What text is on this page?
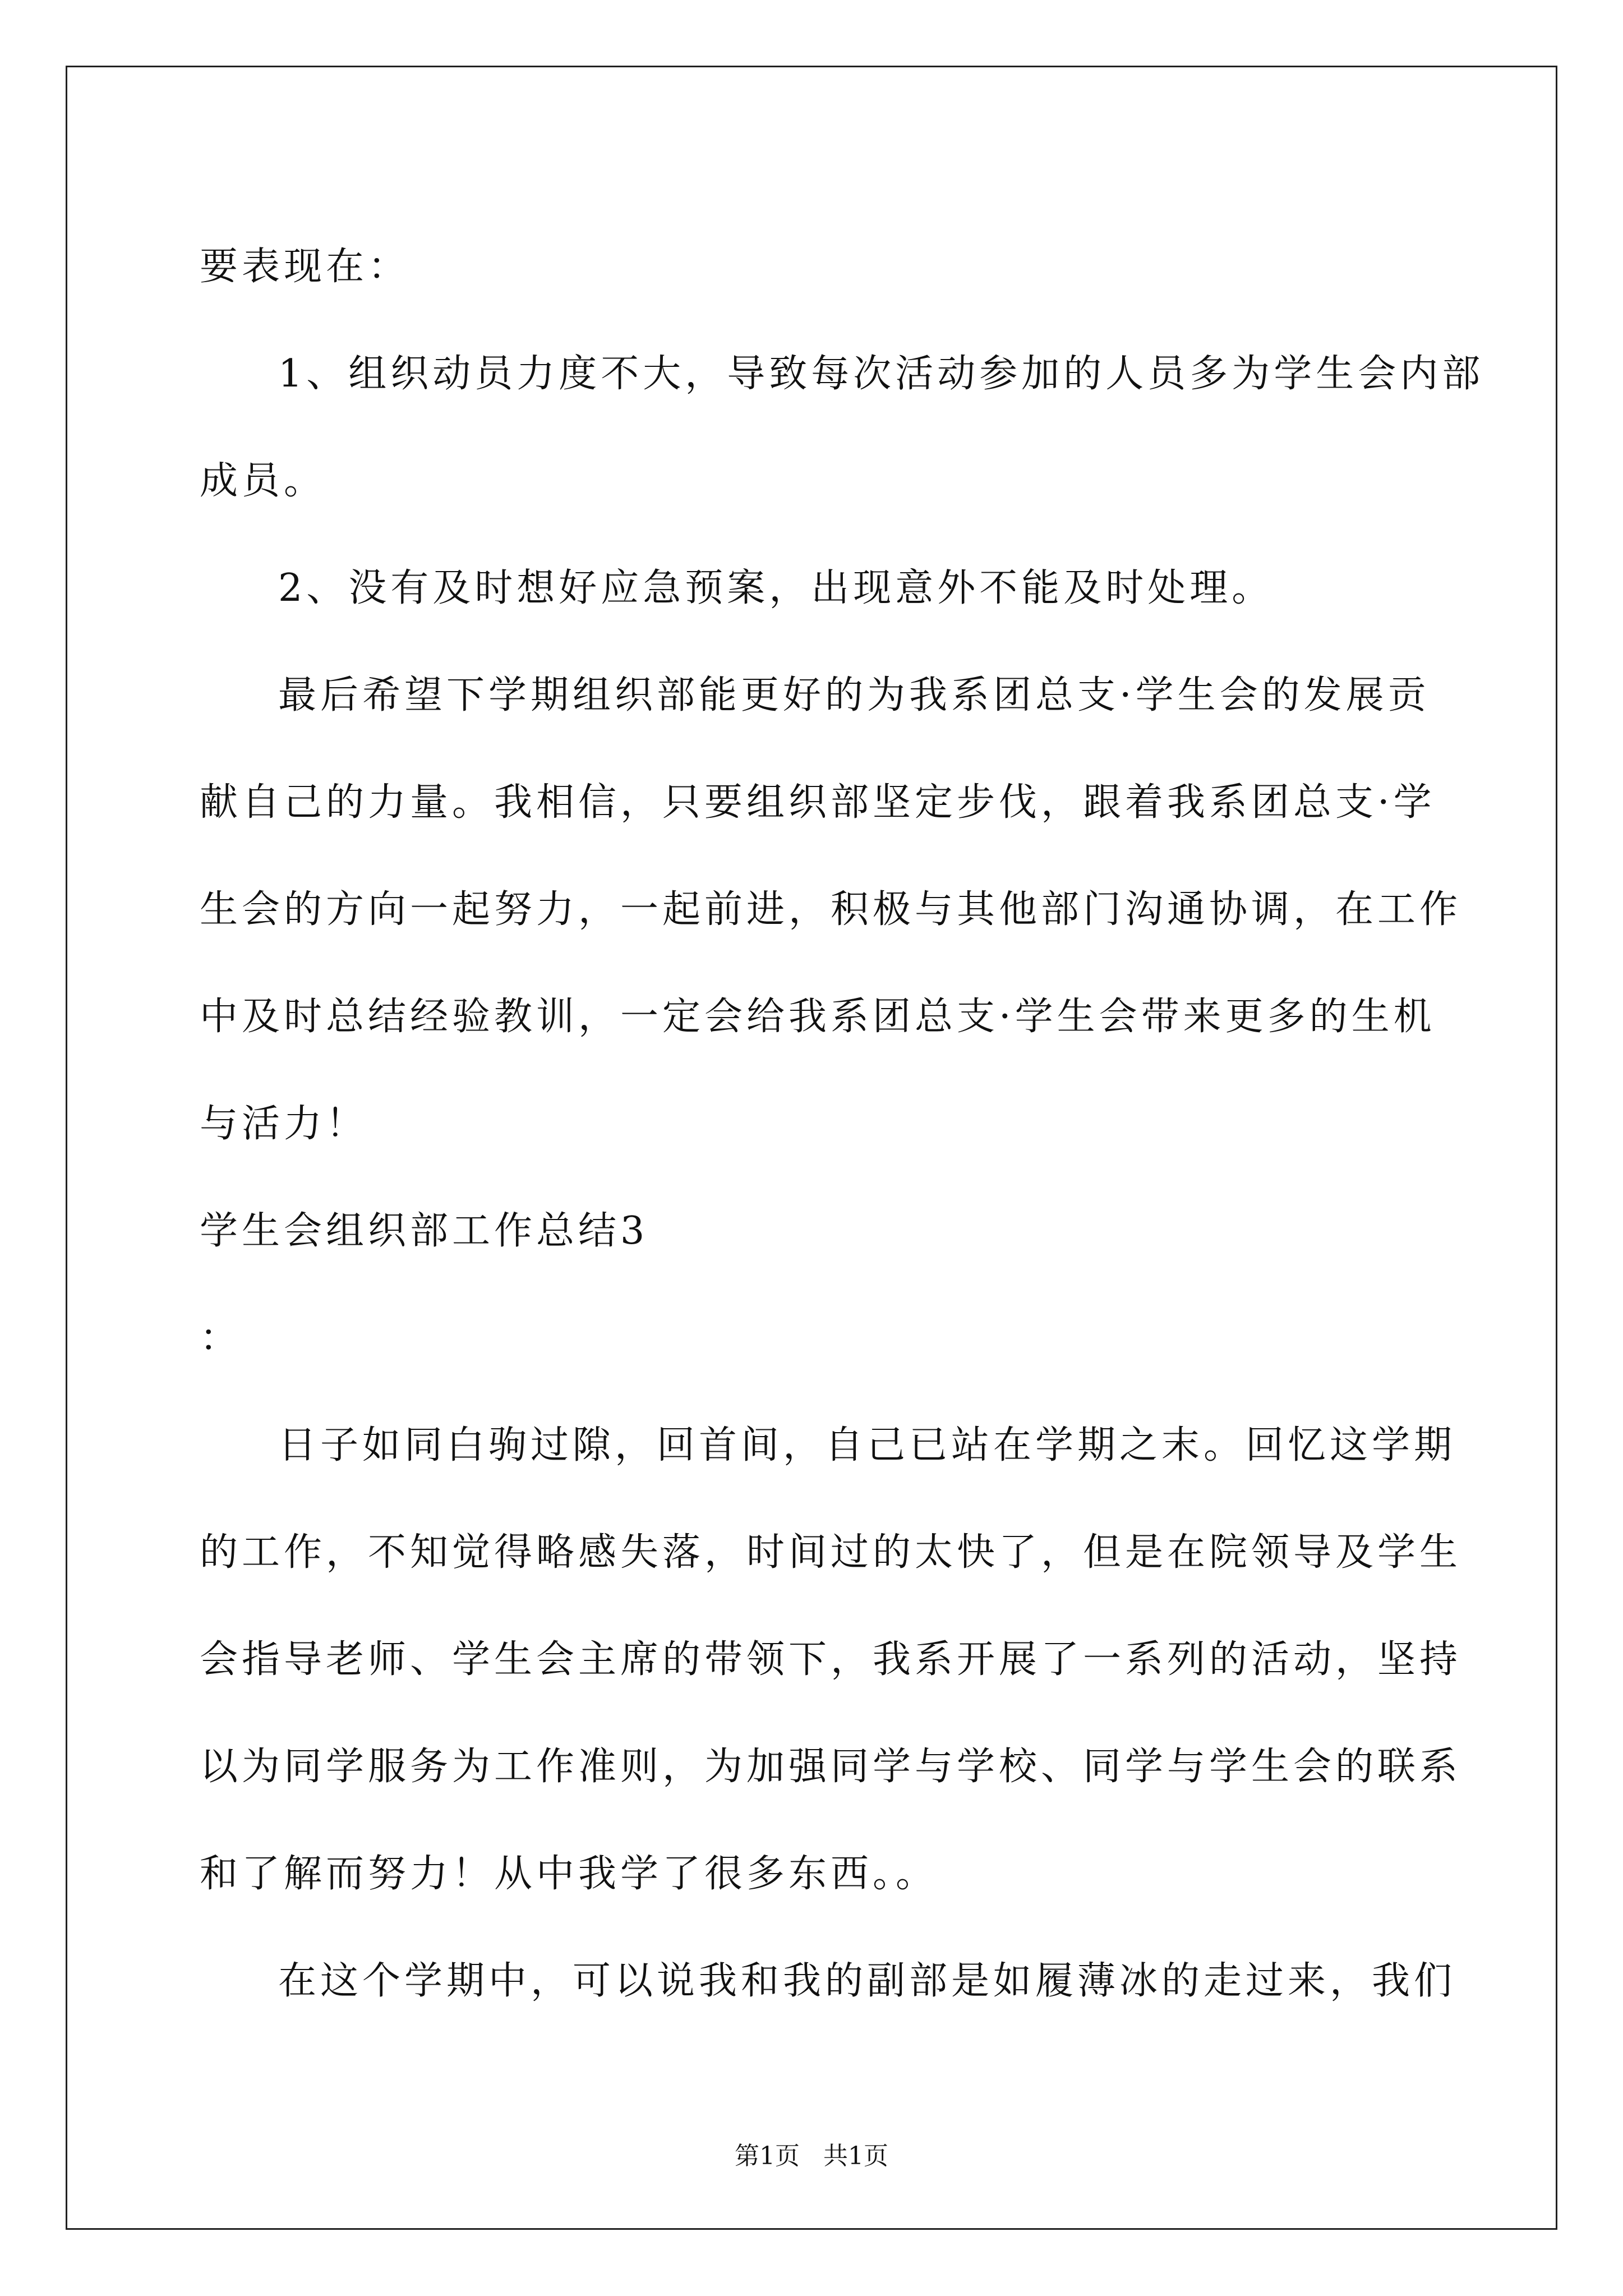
要表现在：
1、组织动员力度不大，导致每次活动参加的人员多为学生会内部
成员。
2、没有及时想好应急预案，出现意外不能及时处理。
最后希望下学期组织部能更好的为我系团总支·学生会的发展贡
献自己的力量。我相信，只要组织部坚定步伐，跟着我系团总支·学
生会的方向一起努力，一起前进，积极与其他部门沟通协调，在工作
中及时总结经验教训，一定会给我系团总支·学生会带来更多的生机
与活力！
学生会组织部工作总结3
：
日子如同白驹过隙，回首间，自己已站在学期之末。回忆这学期
的工作，不知觉得略感失落，时间过的太快了，但是在院领导及学生
会指导老师、学生会主席的带领下，我系开展了一系列的活动，坚持
以为同学服务为工作准则，为加强同学与学校、同学与学生会的联系
和了解而努力！从中我学了很多东西。。
在这个学期中，可以说我和我的副部是如履薄冰的走过来，我们
第1页 共1页
